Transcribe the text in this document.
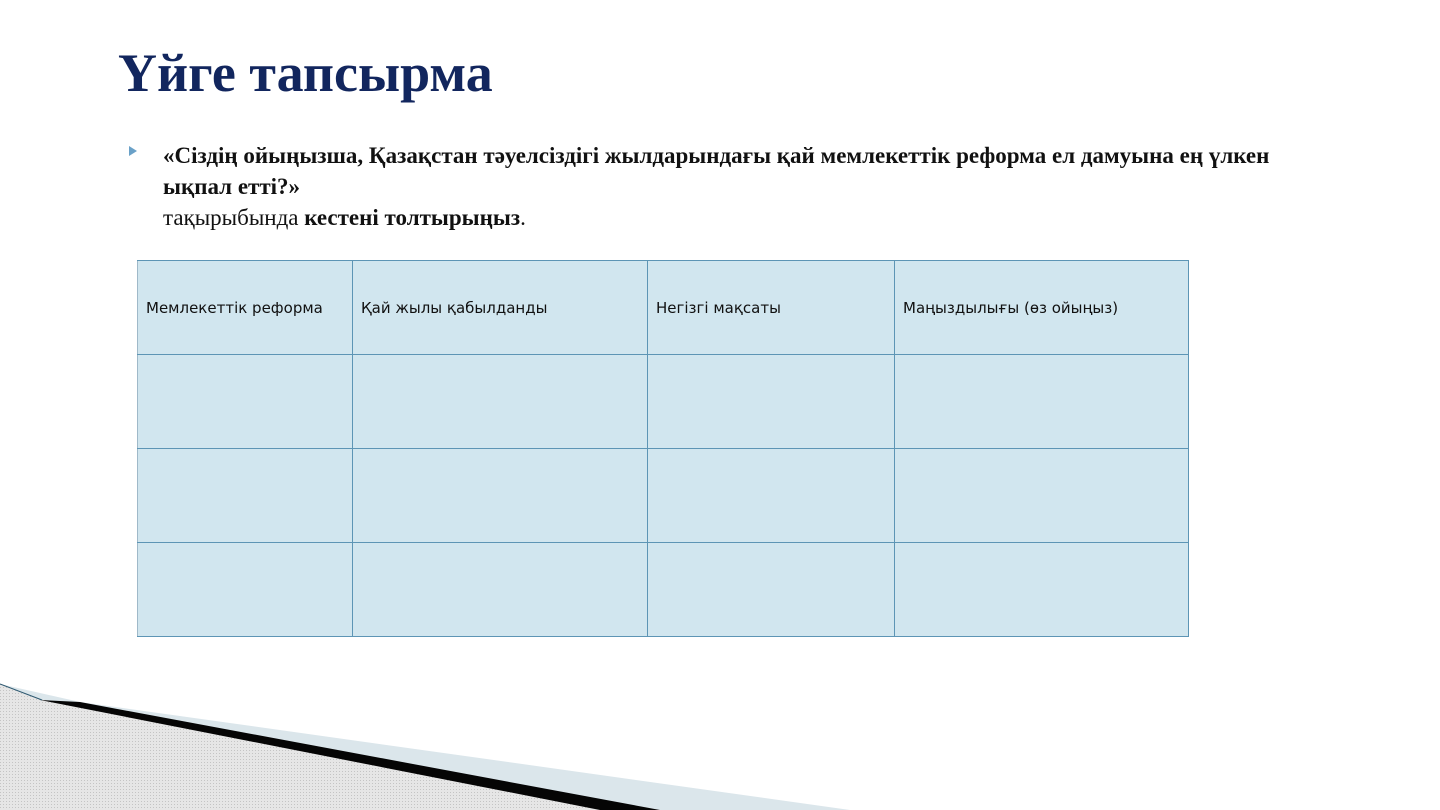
Үйге тапсырма
«Сіздің ойыңызша, Қазақстан тәуелсіздігі жылдарындағы қай мемлекеттік реформа ел дамуына ең үлкен ықпал етті?»
тақырыбында кестені толтырыңыз.
Мемлекеттік реформа	Қай жылы қабылданды	Негізгі мақсаты	Маңыздылығы (өз ойыңыз)
